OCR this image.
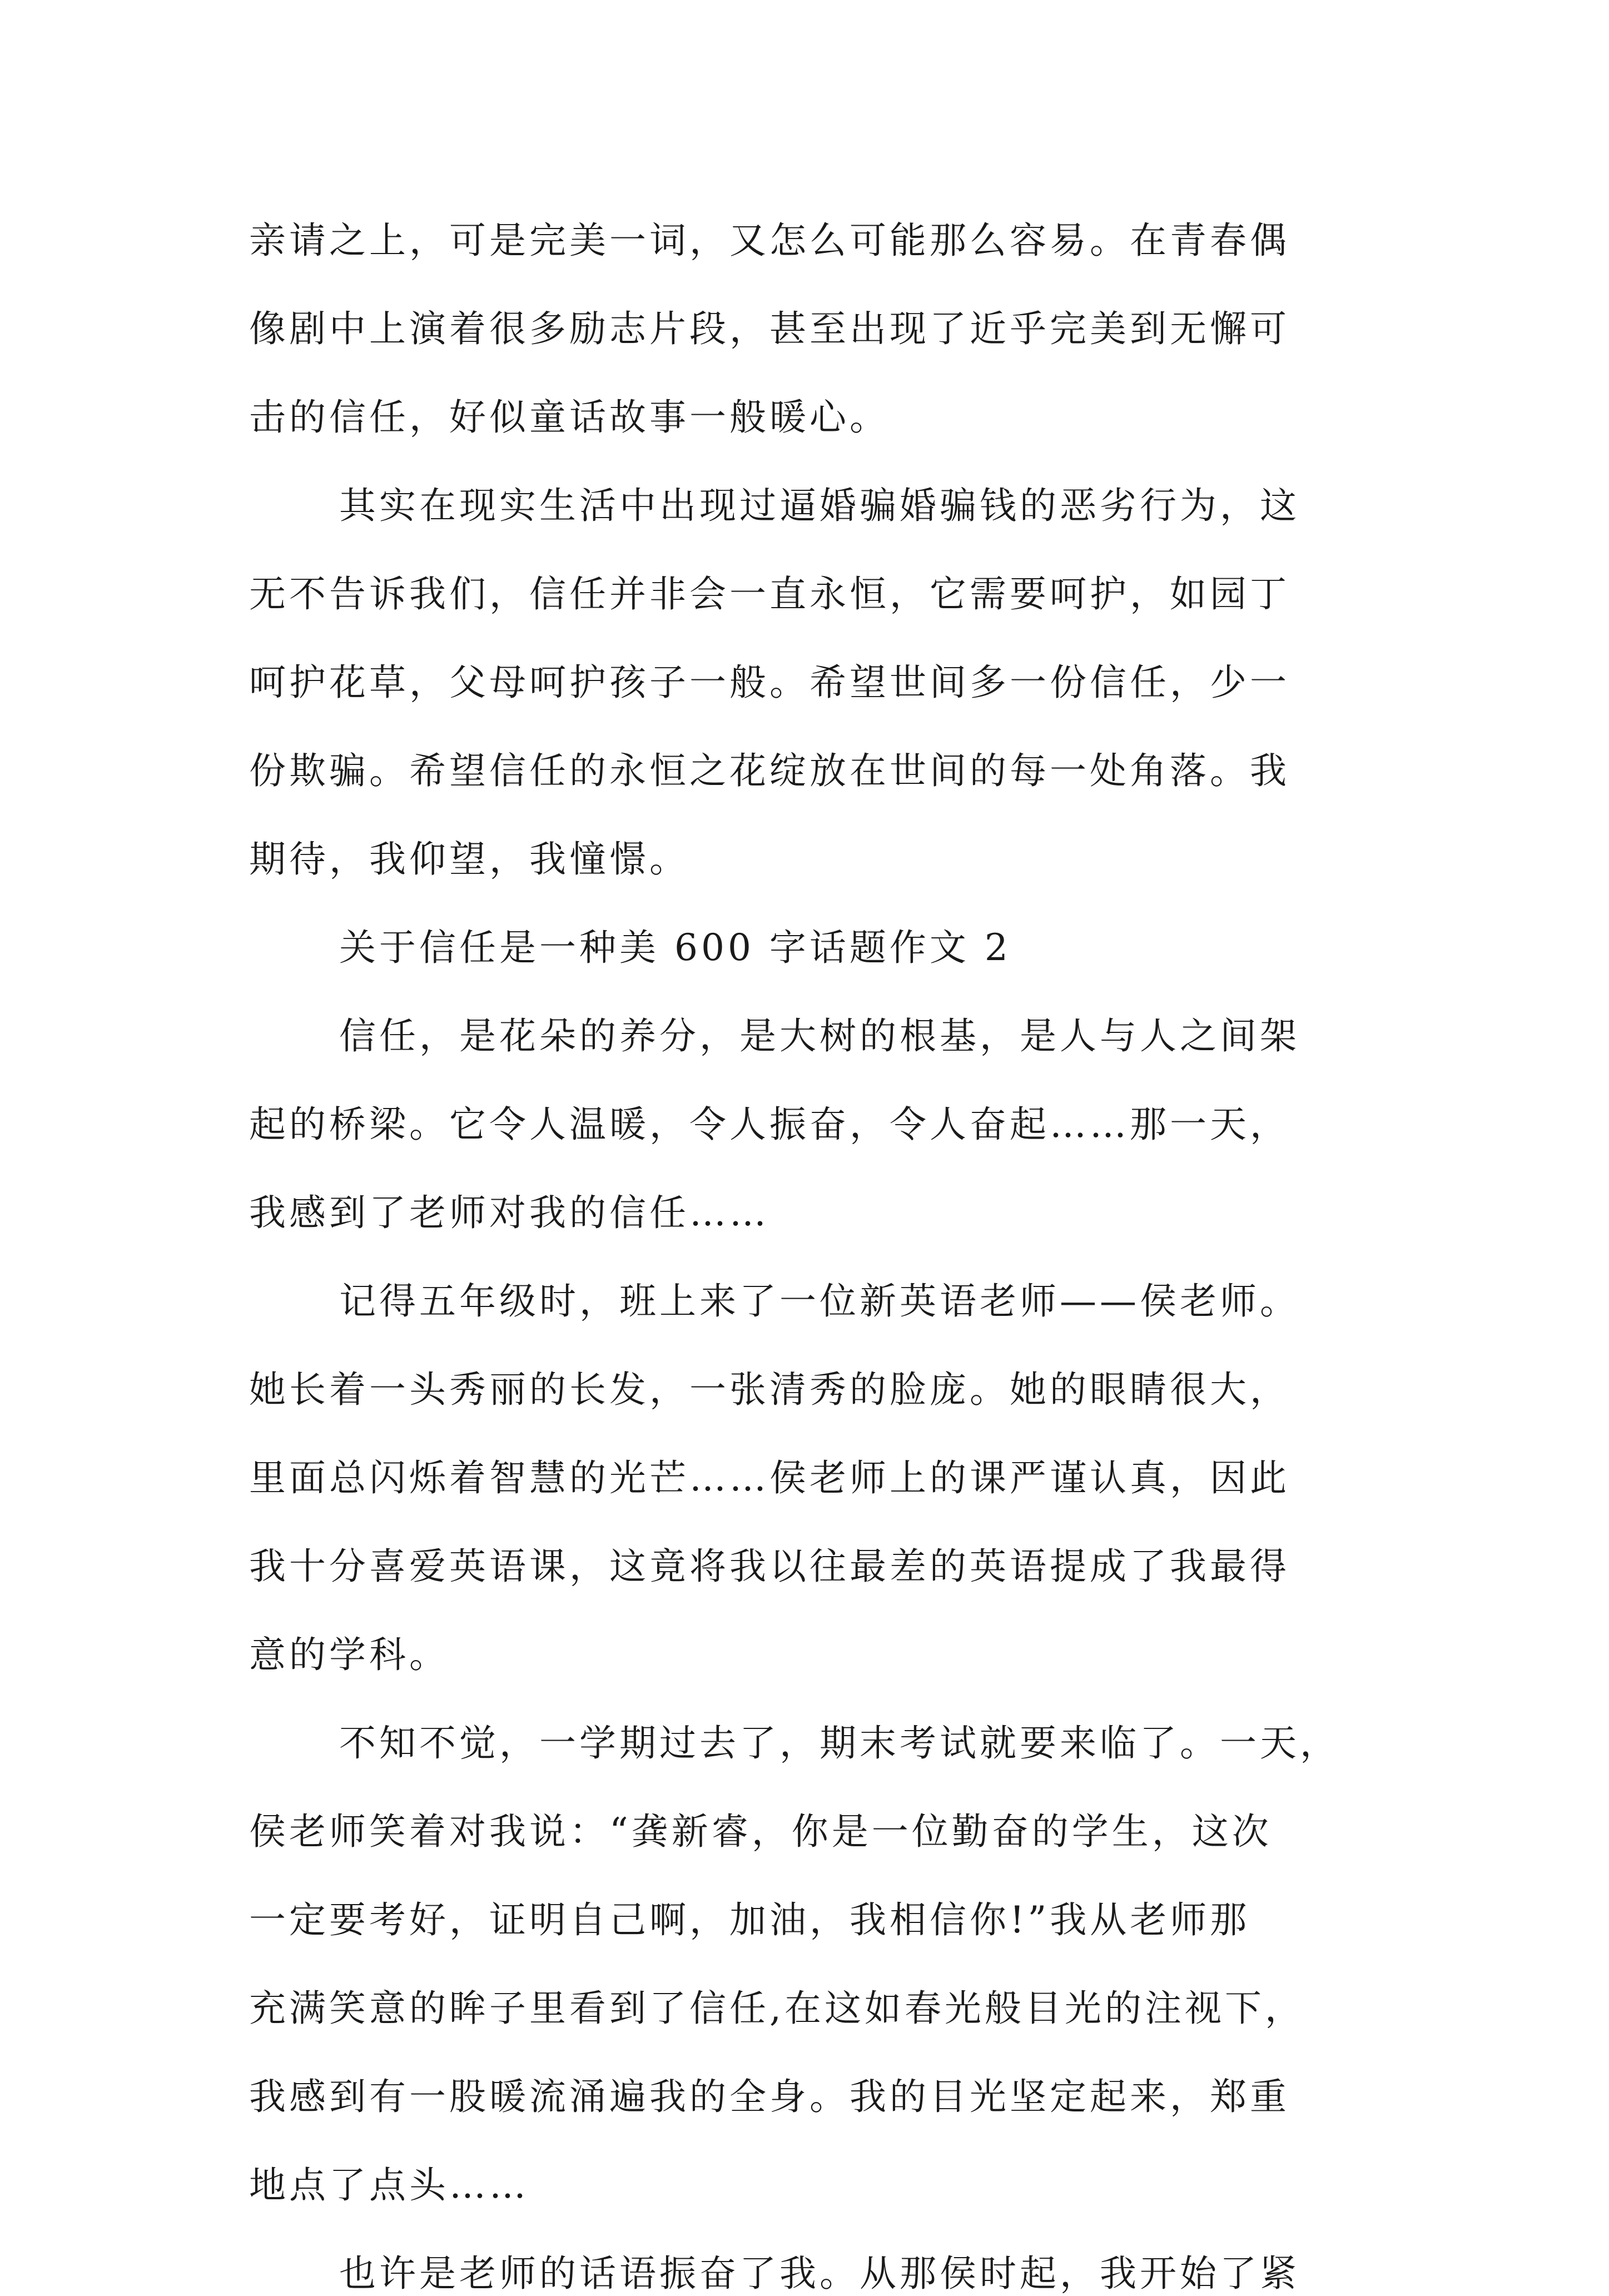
亲请之上，可是完美一词，又怎么可能那么容易。在青春偶
像剧中上演着很多励志片段，甚至出现了近乎完美到无懈可
击的信任，好似童话故事一般暖心。
其实在现实生活中出现过逼婚骗婚骗钱的恶劣行为，这
无不告诉我们，信任并非会一直永恒，它需要呵护，如园丁
呵护花草，父母呵护孩子一般。希望世间多一份信任，少一
份欺骗。希望信任的永恒之花绽放在世间的每一处角落。我
期待，我仰望，我憧憬。
关于信任是一种美 600 字话题作文 2
信任，是花朵的养分，是大树的根基，是人与人之间架
起的桥梁。它令人温暖，令人振奋，令人奋起……那一天，
我感到了老师对我的信任……
记得五年级时，班上来了一位新英语老师——侯老师。
她长着一头秀丽的长发，一张清秀的脸庞。她的眼睛很大，
里面总闪烁着智慧的光芒……侯老师上的课严谨认真，因此
我十分喜爱英语课，这竟将我以往最差的英语提成了我最得
意的学科。
不知不觉，一学期过去了，期末考试就要来临了。一天，
侯老师笑着对我说：“龚新睿，你是一位勤奋的学生，这次
一定要考好，证明自己啊，加油，我相信你!”我从老师那
充满笑意的眸子里看到了信任,在这如春光般目光的注视下，
我感到有一股暖流涌遍我的全身。我的目光坚定起来，郑重
地点了点头……
也许是老师的话语振奋了我。从那侯时起，我开始了紧
